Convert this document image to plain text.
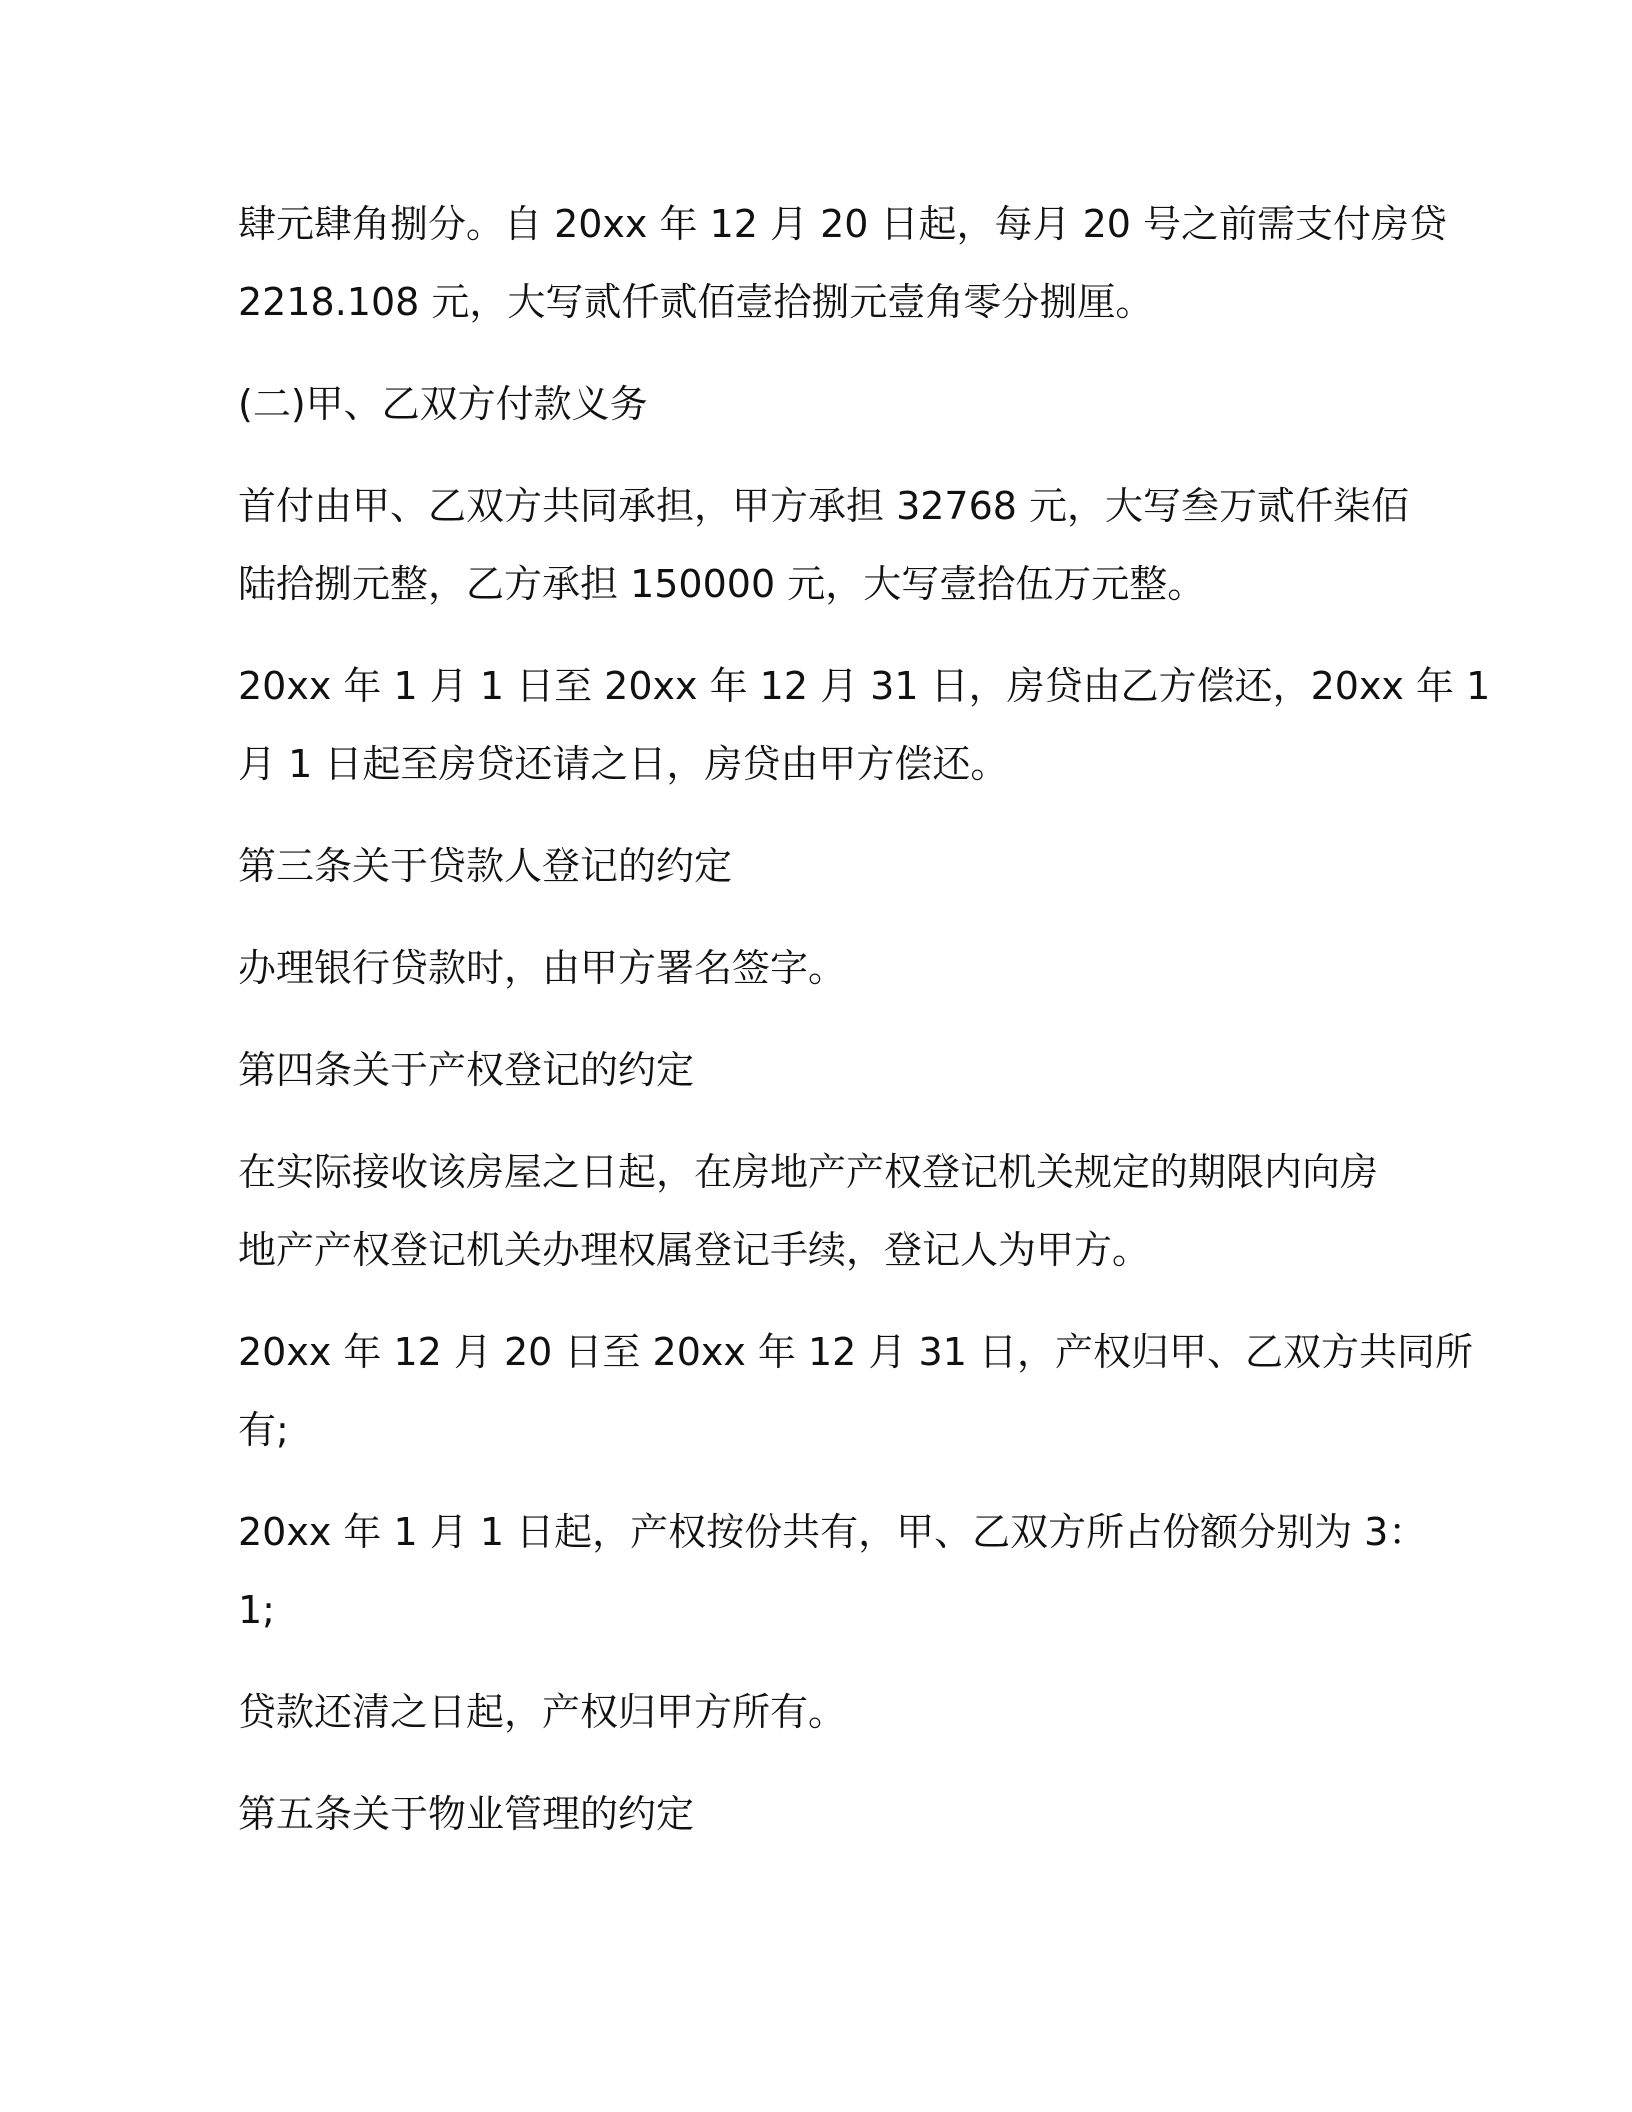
肆元肆角捌分。自 20xx 年 12 月 20 日起，每月 20 号之前需支付房贷
2218.108 元，大写贰仟贰佰壹拾捌元壹角零分捌厘。

(二)甲、乙双方付款义务

首付由甲、乙双方共同承担，甲方承担 32768 元，大写叁万贰仟柒佰
陆拾捌元整，乙方承担 150000 元，大写壹拾伍万元整。

20xx 年 1 月 1 日至 20xx 年 12 月 31 日，房贷由乙方偿还，20xx 年 1
月 1 日起至房贷还请之日，房贷由甲方偿还。

第三条关于贷款人登记的约定

办理银行贷款时，由甲方署名签字。

第四条关于产权登记的约定

在实际接收该房屋之日起，在房地产产权登记机关规定的期限内向房
地产产权登记机关办理权属登记手续，登记人为甲方。

20xx 年 12 月 20 日至 20xx 年 12 月 31 日，产权归甲、乙双方共同所
有;

20xx 年 1 月 1 日起，产权按份共有，甲、乙双方所占份额分别为 3：
1;

贷款还清之日起，产权归甲方所有。

第五条关于物业管理的约定
